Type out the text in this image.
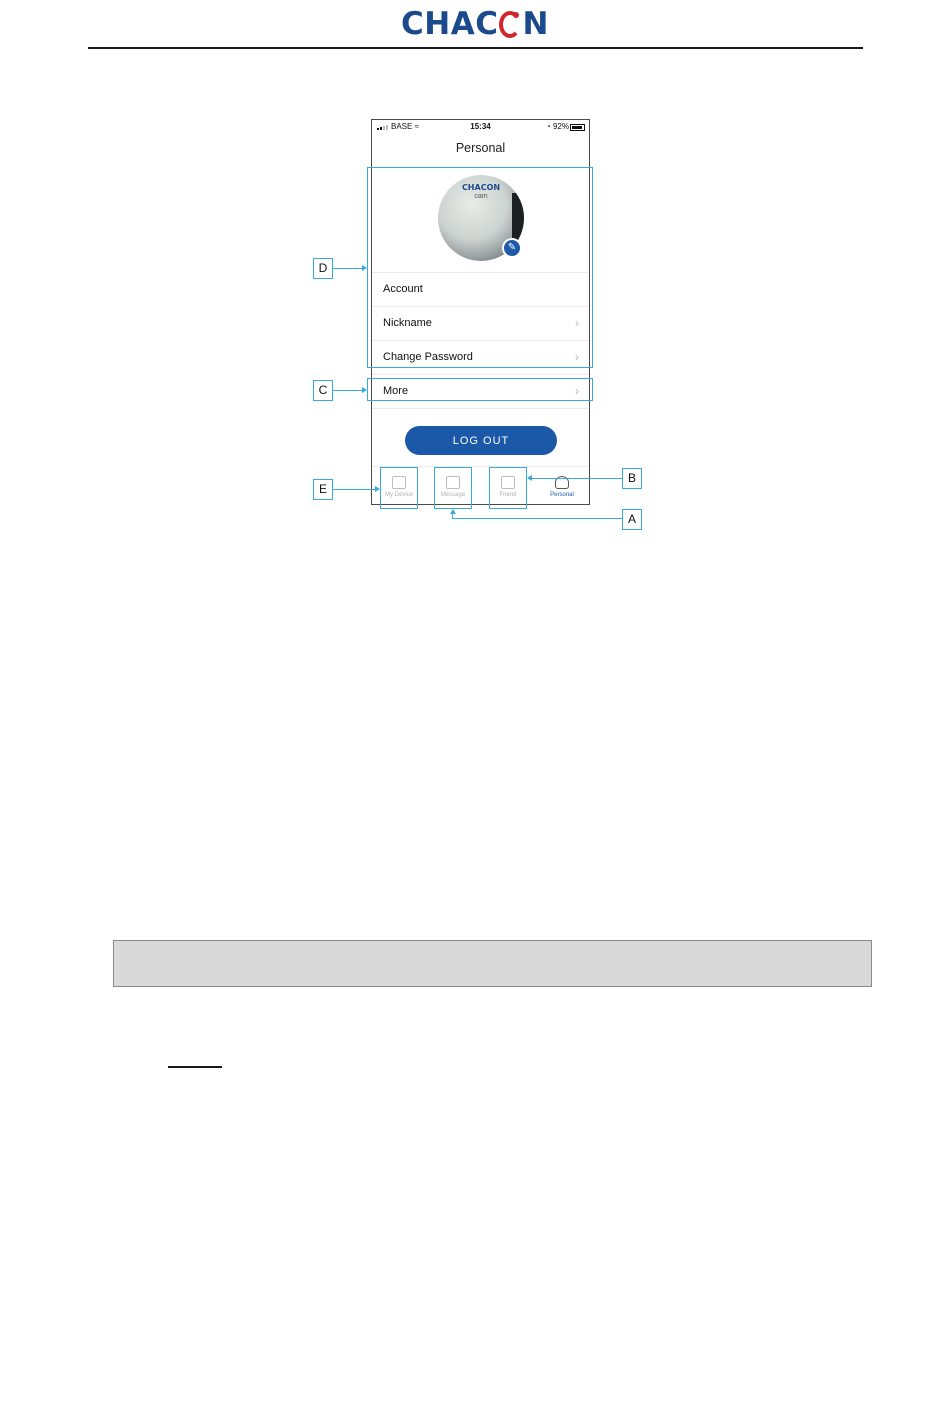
CHAC N
BASE ≈	15:34	◔ 92%
Personal
CHACON
cam
✎
Account
Nickname	›
Change Password	›
More	›
LOG OUT
My Device	Message	Friend	Personal
D
C
E
B
A
